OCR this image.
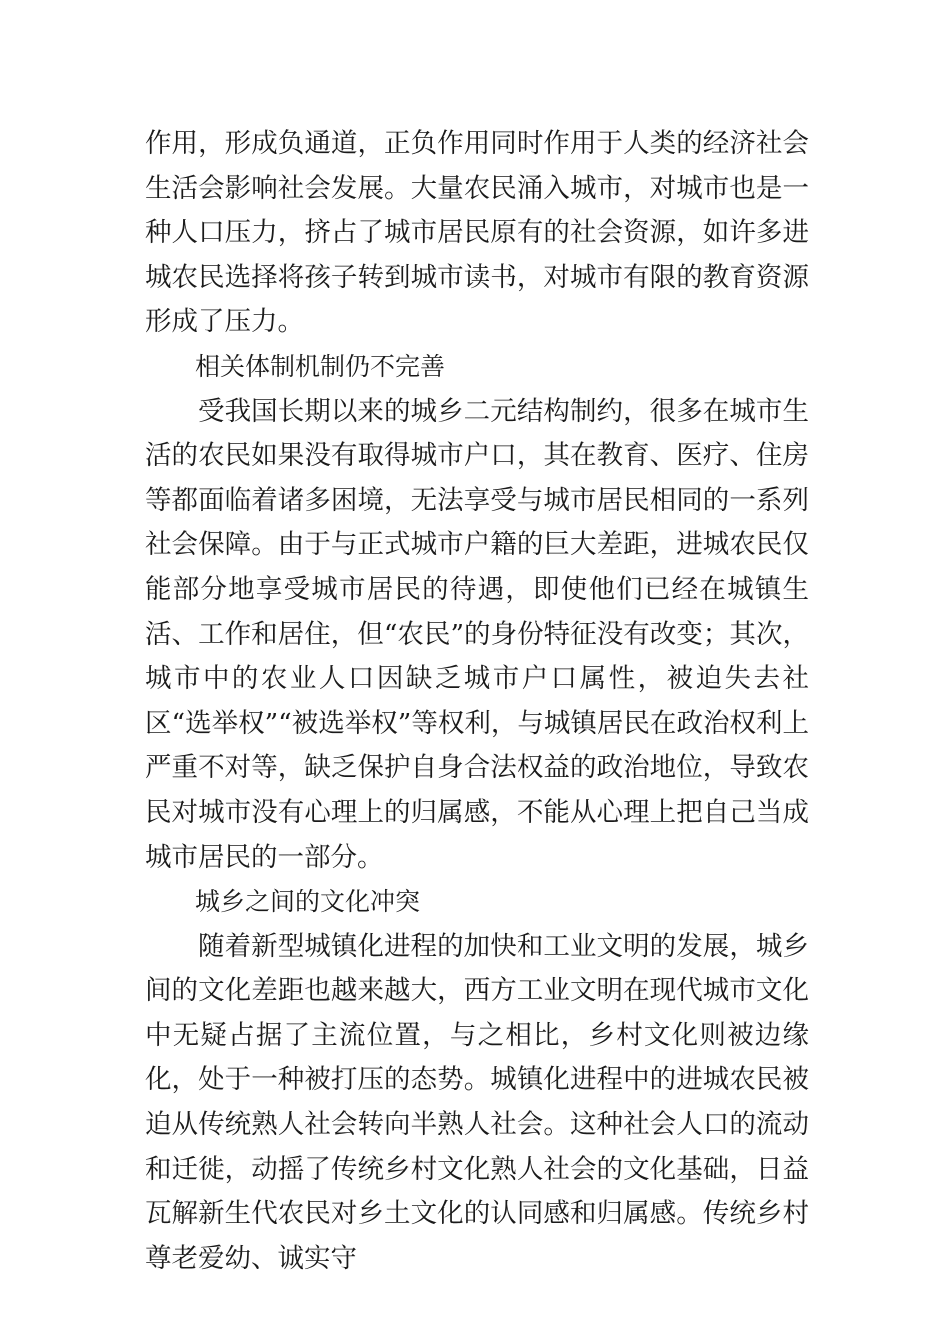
作用，形成负通道，正负作用同时作用于人类的经济社会生活会影响社会发展。大量农民涌入城市，对城市也是一种人口压力，挤占了城市居民原有的社会资源，如许多进城农民选择将孩子转到城市读书，对城市有限的教育资源形成了压力。

相关体制机制仍不完善

受我国长期以来的城乡二元结构制约，很多在城市生活的农民如果没有取得城市户口，其在教育、医疗、住房等都面临着诸多困境，无法享受与城市居民相同的一系列社会保障。由于与正式城市户籍的巨大差距，进城农民仅能部分地享受城市居民的待遇，即使他们已经在城镇生活、工作和居住，但“农民”的身份特征没有改变；其次，城市中的农业人口因缺乏城市户口属性，被迫失去社区“选举权”“被选举权”等权利，与城镇居民在政治权利上严重不对等，缺乏保护自身合法权益的政治地位，导致农民对城市没有心理上的归属感，不能从心理上把自己当成城市居民的一部分。

城乡之间的文化冲突

随着新型城镇化进程的加快和工业文明的发展，城乡间的文化差距也越来越大，西方工业文明在现代城市文化中无疑占据了主流位置，与之相比，乡村文化则被边缘化，处于一种被打压的态势。城镇化进程中的进城农民被迫从传统熟人社会转向半熟人社会。这种社会人口的流动和迁徙，动摇了传统乡村文化熟人社会的文化基础，日益瓦解新生代农民对乡土文化的认同感和归属感。传统乡村尊老爱幼、诚实守
